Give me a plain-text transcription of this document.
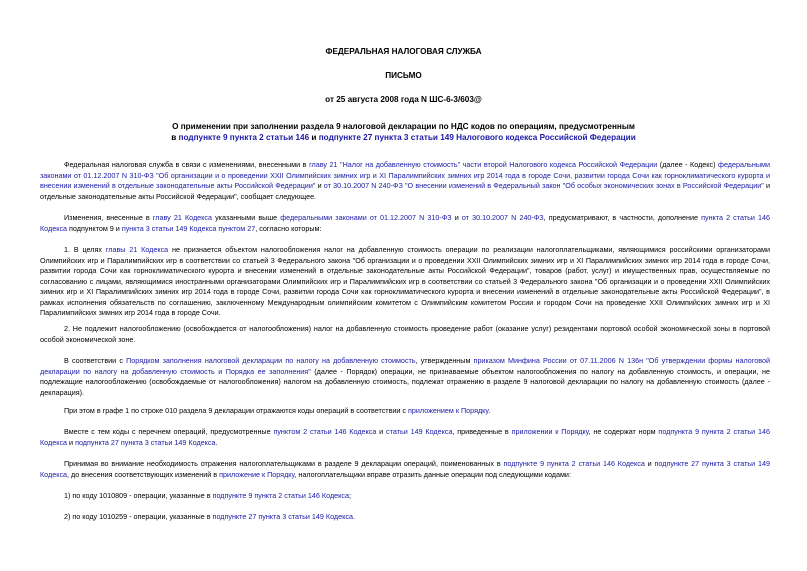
ФЕДЕРАЛЬНАЯ НАЛОГОВАЯ СЛУЖБА
ПИСЬМО
от 25 августа 2008 года N ШС-6-3/603@
О применении при заполнении раздела 9 налоговой декларации по НДС кодов по операциям, предусмотренным
в подпункте 9 пункта 2 статьи 146 и подпункте 27 пункта 3 статьи 149 Налогового кодекса Российской Федерации
Федеральная налоговая служба в связи с изменениями, внесенными в главу 21 "Налог на добавленную стоимость" части второй Налогового кодекса Российской Федерации (далее - Кодекс) федеральными законами от 01.12.2007 N 310-ФЗ "Об организации и о проведении XXII Олимпийских зимних игр и XI Паралимпийских зимних игр 2014 года в городе Сочи, развитии города Сочи как горноклиматического курорта и внесении изменений в отдельные законодательные акты Российской Федерации" и от 30.10.2007 N 240-ФЗ "О внесении изменений в Федеральный закон "Об особых экономических зонах в Российской Федерации" и отдельные законодательные акты Российской Федерации", сообщает следующее.
Изменения, внесенные в главу 21 Кодекса указанными выше федеральными законами от 01.12.2007 N 310-ФЗ и от 30.10.2007 N 240-ФЗ, предусматривают, в частности, дополнение пункта 2 статьи 146 Кодекса подпунктом 9 и пункта 3 статьи 149 Кодекса пунктом 27, согласно которым:
1. В целях главы 21 Кодекса не признается объектом налогообложения налог на добавленную стоимость операции по реализации налогоплательщиками, являющимися российскими организаторами Олимпийских игр и Паралимпийских игр в соответствии со статьей 3 Федерального закона "Об организации и о проведении XXII Олимпийских зимних игр и XI Паралимпийских зимних игр 2014 года в городе Сочи, развитии города Сочи как горноклиматического курорта и внесении изменений в отдельные законодательные акты Российской Федерации", товаров (работ, услуг) и имущественных прав, осуществляемые по согласованию с лицами, являющимися иностранными организаторами Олимпийских игр и Паралимпийских игр в соответствии со статьей 3 Федерального закона "Об организации и о проведении XXII Олимпийских зимних игр и XI Паралимпийских зимних игр 2014 года в городе Сочи, развитии города Сочи как горноклиматического курорта и внесении изменений в отдельные законодательные акты Российской Федерации", в рамках исполнения обязательств по соглашению, заключенному Международным олимпийским комитетом с Олимпийским комитетом России и городом Сочи на проведение XXII Олимпийских зимних игр и XI Паралимпийских зимних игр 2014 года в городе Сочи.
2. Не подлежит налогообложению (освобождается от налогообложения) налог на добавленную стоимость проведение работ (оказание услуг) резидентами портовой особой экономической зоны в портовой особой экономической зоне.
В соответствии с Порядком заполнения налоговой декларации по налогу на добавленную стоимость, утвержденным приказом Минфина России от 07.11.2006 N 136н "Об утверждении формы налоговой декларации по налогу на добавленную стоимость и Порядка ее заполнения" (далее - Порядок) операции, не признаваемые объектом налогообложения по налогу на добавленную стоимость, и операции, не подлежащие налогообложению (освобождаемые от налогообложения) налогом на добавленную стоимость, подлежат отражению в разделе 9 налоговой декларации по налогу на добавленную стоимость (далее - декларация).
При этом в графе 1 по строке 010 раздела 9 декларации отражаются коды операций в соответствии с приложением к Порядку.
Вместе с тем коды с перечнем операций, предусмотренные пунктом 2 статьи 146 Кодекса и статьи 149 Кодекса, приведенные в приложении к Порядку, не содержат норм подпункта 9 пункта 2 статьи 146 Кодекса и подпункта 27 пункта 3 статьи 149 Кодекса.
Принимая во внимание необходимость отражения налогоплательщиками в разделе 9 декларации операций, поименованных в подпункте 9 пункта 2 статьи 146 Кодекса и подпункте 27 пункта 3 статьи 149 Кодекса, до внесения соответствующих изменений в приложение к Порядку, налогоплательщики вправе отразить данные операции под следующими кодами:
1) по коду 1010809 - операции, указанные в подпункте 9 пункта 2 статьи 146 Кодекса;
2) по коду 1010259 - операции, указанные в подпункте 27 пункта 3 статьи 149 Кодекса.
